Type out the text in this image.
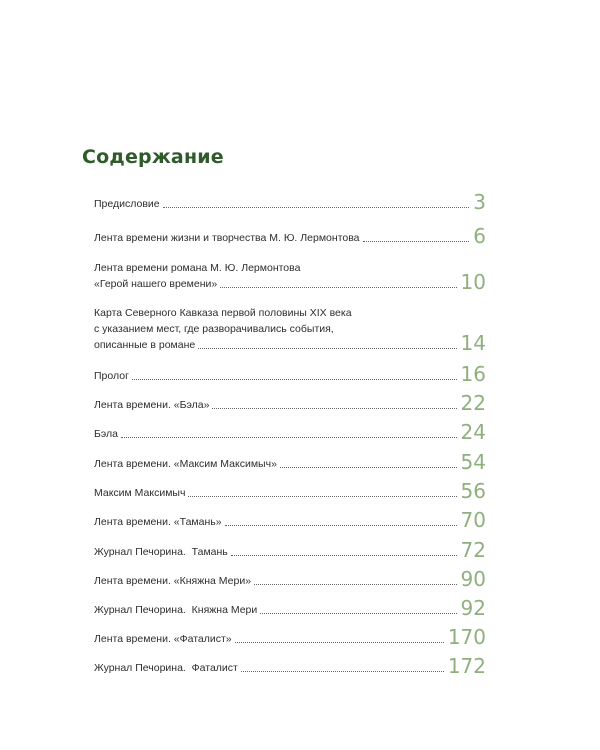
Содержание
Предисловие	3
Лента времени жизни и творчества М. Ю. Лермонтова	6
Лента времени романа М. Ю. Лермонтова
«Герой нашего времени»	10
Карта Северного Кавказа первой половины XIX века
с указанием мест, где разворачивались события,
описанные в романе	14
Пролог	16
Лента времени. «Бэла»	22
Бэла	24
Лента времени. «Максим Максимыч»	54
Максим Максимыч	56
Лента времени. «Тамань»	70
Журнал Печорина.  Тамань	72
Лента времени. «Княжна Мери»	90
Журнал Печорина.  Княжна Мери	92
Лента времени. «Фаталист»	170
Журнал Печорина.  Фаталист	172
